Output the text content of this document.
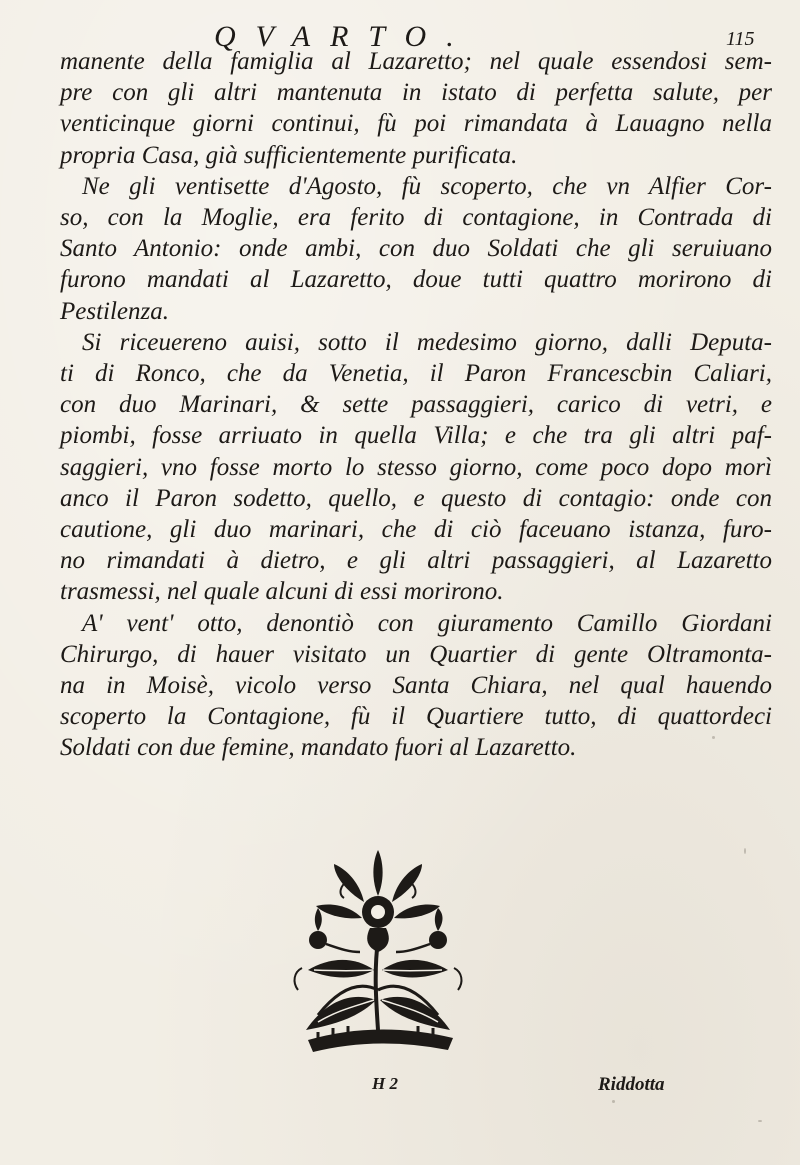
QVARTO.	115
manente della famiglia al Lazaretto; nel quale essendosi sem-
pre con gli altri mantenuta in istato di perfetta salute, per
venticinque giorni continui, fù poi rimandata à Lauagno nella
propria Casa, già sufficientemente purificata.
Ne gli ventisette d'Agosto, fù scoperto, che vn Alfier Cor-
so, con la Moglie, era ferito di contagione, in Contrada di
Santo Antonio: onde ambi, con duo Soldati che gli seruiuano
furono mandati al Lazaretto, doue tutti quattro morirono di
Pestilenza.
Si riceuereno auisi, sotto il medesimo giorno, dalli Deputa-
ti di Ronco, che da Venetia, il Paron Francescbin Caliari,
con duo Marinari, & sette passaggieri, carico di vetri, e
piombi, fosse arriuato in quella Villa; e che tra gli altri paf-
saggieri, vno fosse morto lo stesso giorno, come poco dopo morì
anco il Paron sodetto, quello, e questo di contagio: onde con
cautione, gli duo marinari, che di ciò faceuano istanza, furo-
no rimandati à dietro, e gli altri passaggieri, al Lazaretto
trasmessi, nel quale alcuni di essi morirono.
A' vent' otto, denontiò con giuramento Camillo Giordani
Chirurgo, di hauer visitato un Quartier di gente Oltramonta-
na in Moisè, vicolo verso Santa Chiara, nel qual hauendo
scoperto la Contagione, fù il Quartiere tutto, di quattordeci
Soldati con due femine, mandato fuori al Lazaretto.
H 2	Riddotta
